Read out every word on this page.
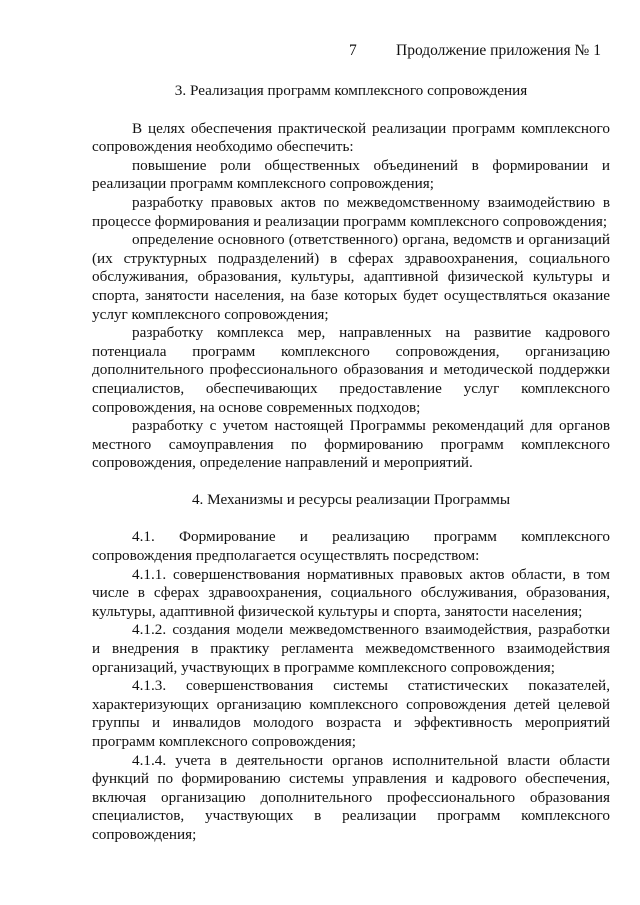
7	Продолжение приложения № 1
3. Реализация программ комплексного сопровождения

В целях обеспечения практической реализации программ комплексного сопровождения необходимо обеспечить:

повышение роли общественных объединений в формировании и реализации программ комплексного сопровождения;

разработку правовых актов по межведомственному взаимодействию в процессе формирования и реализации программ комплексного сопровождения;

определение основного (ответственного) органа, ведомств и организаций (их структурных подразделений) в сферах здравоохранения, социального обслуживания, образования, культуры, адаптивной физической культуры и спорта, занятости населения, на базе которых будет осуществляться оказание услуг комплексного сопровождения;

разработку комплекса мер, направленных на развитие кадрового потенциала программ комплексного сопровождения, организацию дополнительного профессионального образования и методической поддержки специалистов, обеспечивающих предоставление услуг комплексного сопровождения, на основе современных подходов;

разработку с учетом настоящей Программы рекомендаций для органов местного самоуправления по формированию программ комплексного сопровождения, определение направлений и мероприятий.

4. Механизмы и ресурсы реализации Программы

4.1. Формирование и реализацию программ комплексного сопровождения предполагается осуществлять посредством:

4.1.1. совершенствования нормативных правовых актов области, в том числе в сферах здравоохранения, социального обслуживания, образования, культуры, адаптивной физической культуры и спорта, занятости населения;

4.1.2. создания модели межведомственного взаимодействия, разработки и внедрения в практику регламента межведомственного взаимодействия организаций, участвующих в программе комплексного сопровождения;

4.1.3. совершенствования системы статистических показателей, характеризующих организацию комплексного сопровождения детей целевой группы и инвалидов молодого возраста и эффективность мероприятий программ комплексного сопровождения;

4.1.4. учета в деятельности органов исполнительной власти области функций по формированию системы управления и кадрового обеспечения, включая организацию дополнительного профессионального образования специалистов, участвующих в реализации программ комплексного сопровождения;
